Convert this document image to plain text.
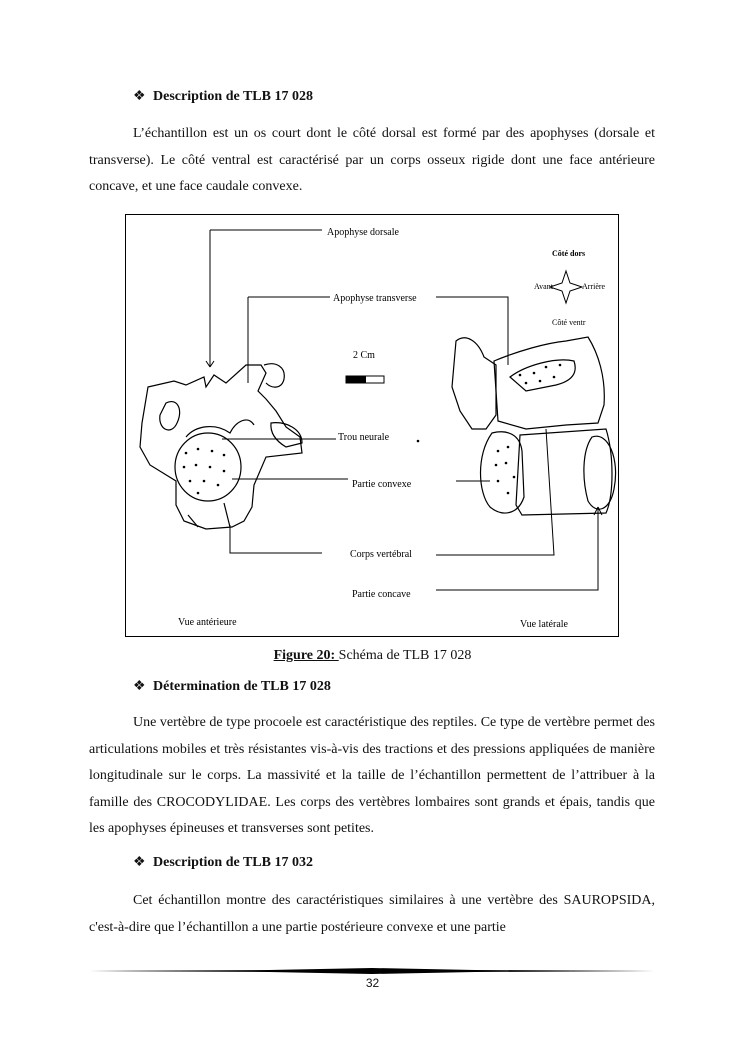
❖ Description de TLB 17 028
L’échantillon est un os court dont le côté dorsal est formé par des apophyses (dorsale et transverse). Le côté ventral est caractérisé par un corps osseux rigide dont une face antérieure concave, et une face caudale convexe.
Apophyse dorsale
Apophyse transverse
2 Cm
Trou neurale
Partie convexe
Corps vertébral
Partie concave
Vue antérieure	Vue latérale
Côté dors
Avant	Arrière
Côté ventr
Figure 20: Schéma de TLB 17 028
❖ Détermination de TLB 17 028
Une vertèbre de type procoele est caractéristique des reptiles. Ce type de vertèbre permet des articulations mobiles et très résistantes vis-à-vis des tractions et des pressions appliquées de manière longitudinale sur le corps. La massivité et la taille de l’échantillon permettent de l’attribuer à la famille des CROCODYLIDAE. Les corps des vertèbres lombaires sont grands et épais, tandis que les apophyses épineuses et transverses sont petites.
❖ Description de TLB 17 032
Cet échantillon montre des caractéristiques similaires à une vertèbre des SAUROPSIDA, c'est-à-dire que l’échantillon a une partie postérieure convexe et une partie
32
